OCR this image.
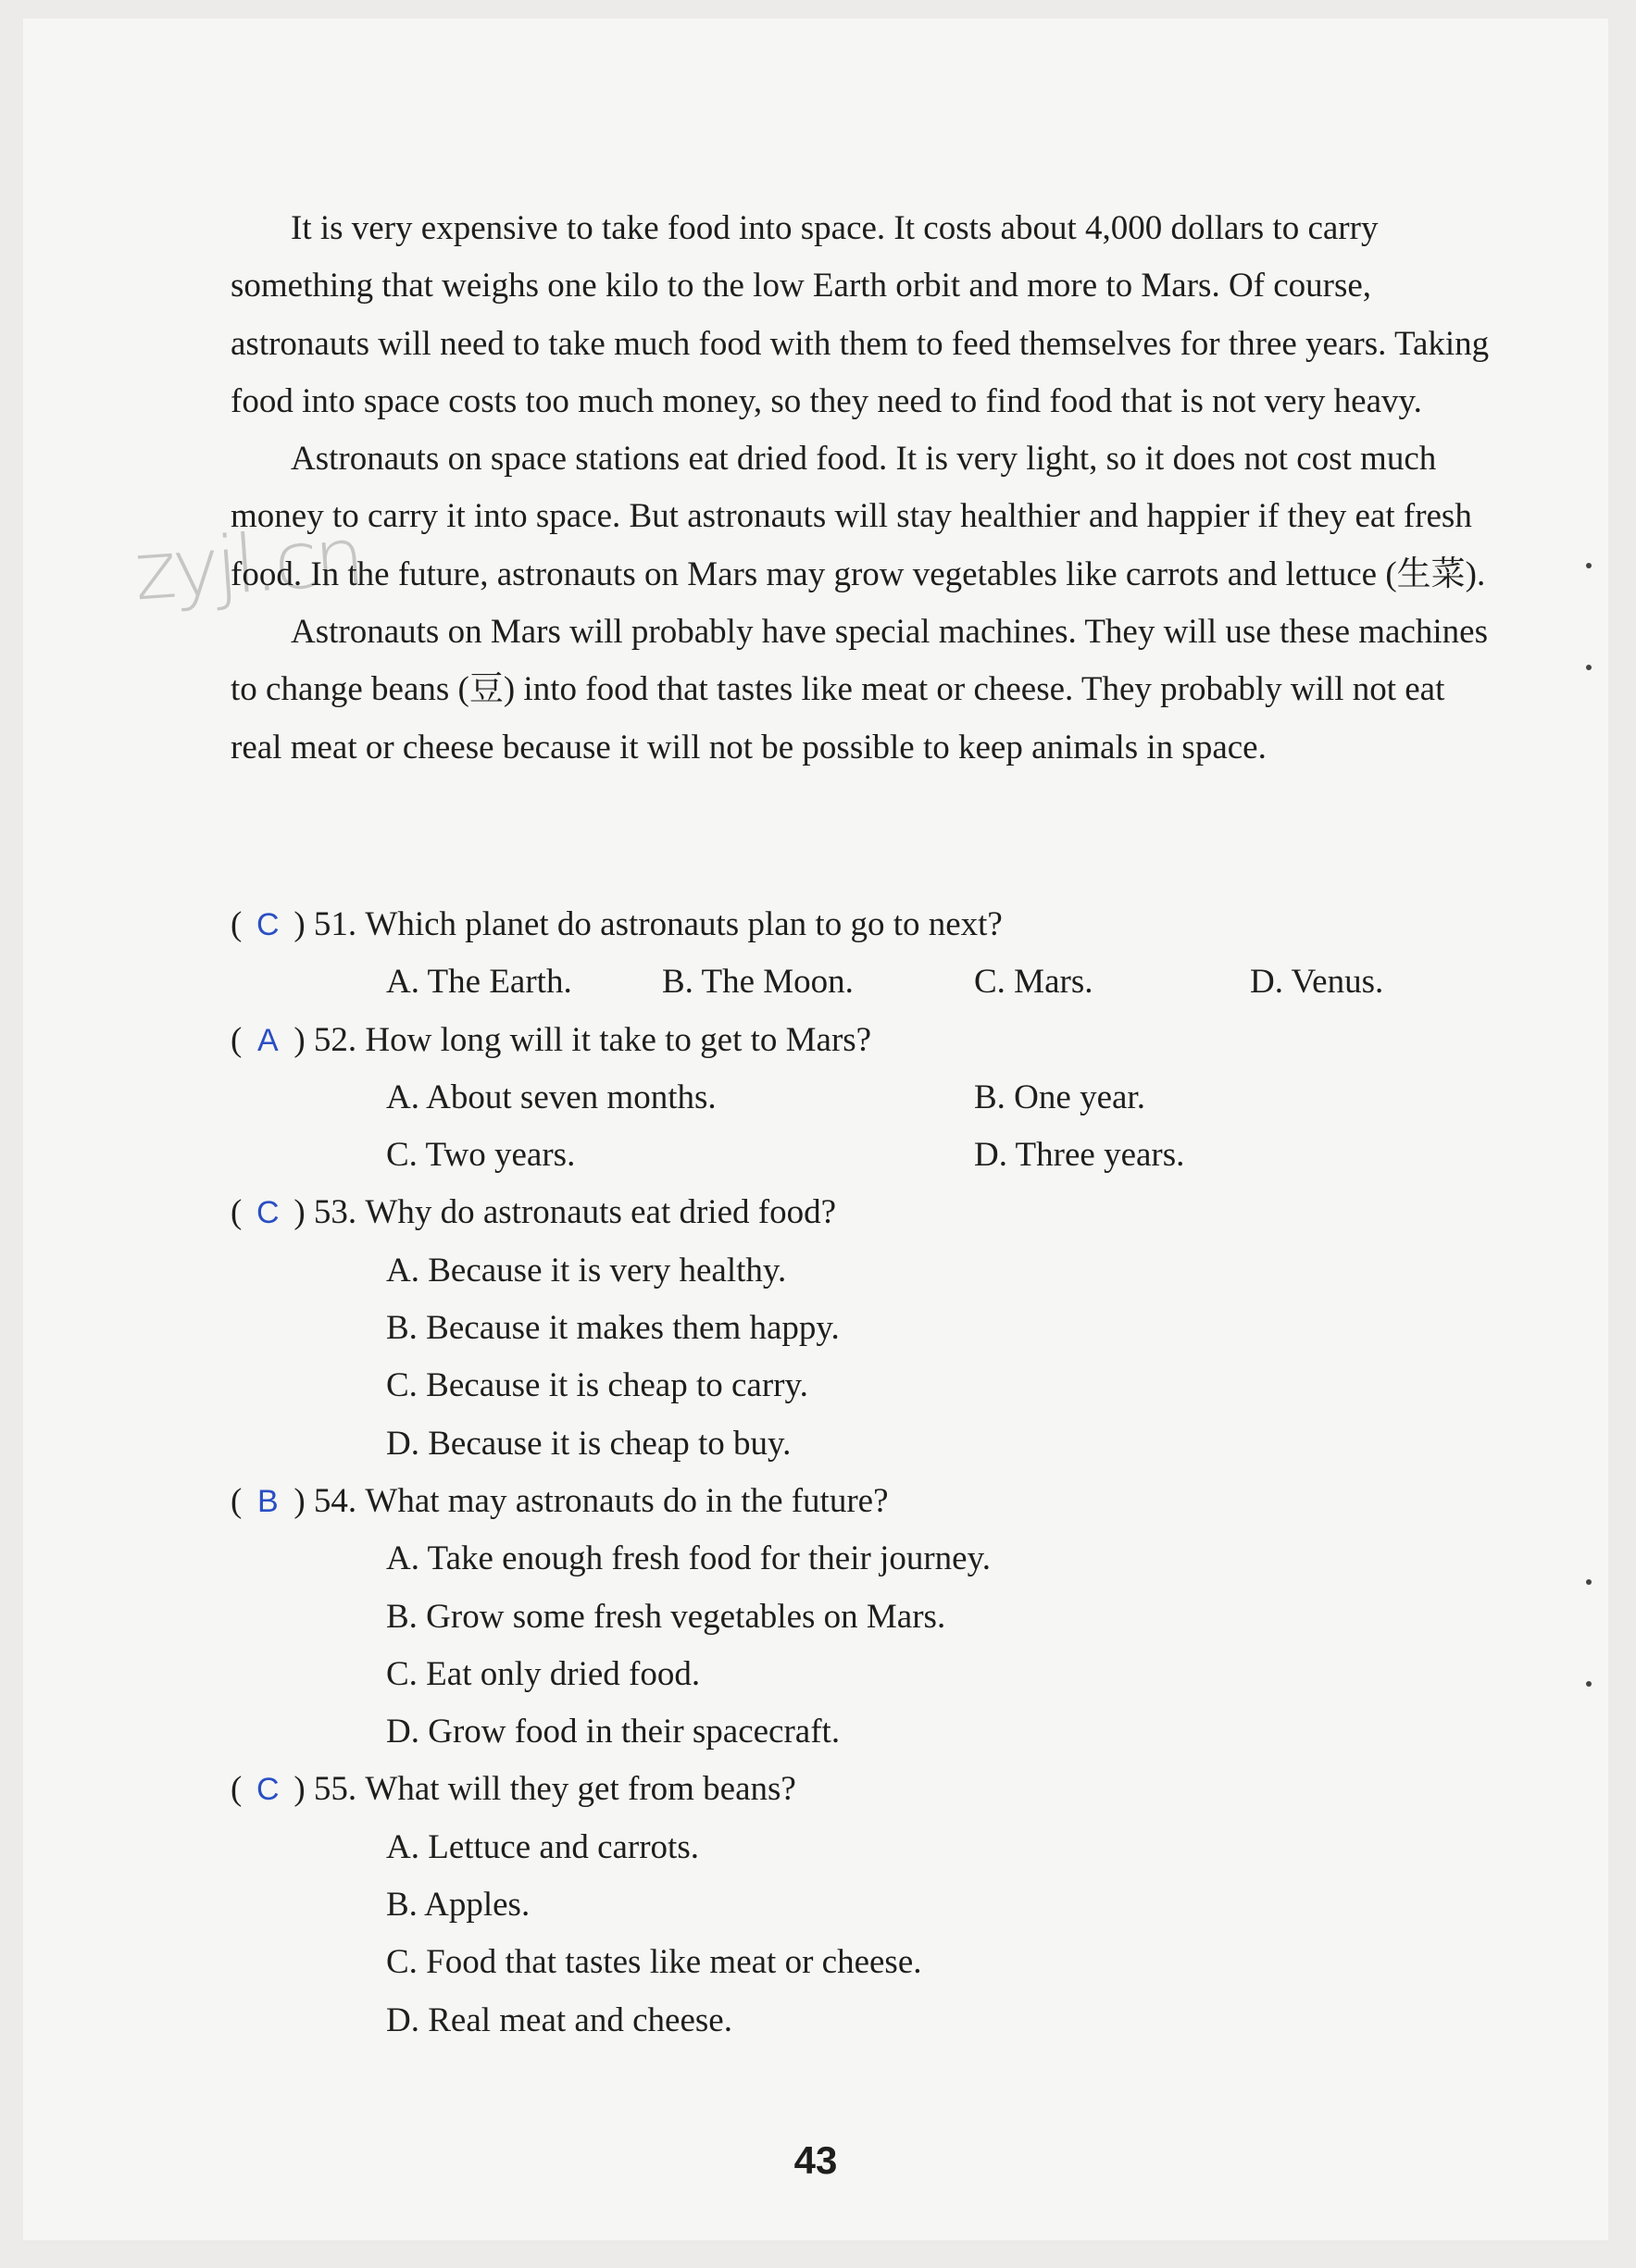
zyjl.cn

It is very expensive to take food into space. It costs about 4,000 dollars to carry something that weighs one kilo to the low Earth orbit and more to Mars. Of course, astronauts will need to take much food with them to feed themselves for three years. Taking food into space costs too much money, so they need to find food that is not very heavy.

Astronauts on space stations eat dried food. It is very light, so it does not cost much money to carry it into space. But astronauts will stay healthier and happier if they eat fresh food. In the future, astronauts on Mars may grow vegetables like carrots and lettuce (生菜).

Astronauts on Mars will probably have special machines. They will use these machines to change beans (豆) into food that tastes like meat or cheese. They probably will not eat real meat or cheese because it will not be possible to keep animals in space.

( C ) 51.
Which planet do astronauts plan to go to next?
A. The Earth.	B. The Moon.	C. Mars.	D. Venus.
( A ) 52.
How long will it take to get to Mars?
A. About seven months.	B. One year.
C. Two years.	D. Three years.
( C ) 53.
Why do astronauts eat dried food?
A. Because it is very healthy.
B. Because it makes them happy.
C. Because it is cheap to carry.
D. Because it is cheap to buy.
( B ) 54.
What may astronauts do in the future?
A. Take enough fresh food for their journey.
B. Grow some fresh vegetables on Mars.
C. Eat only dried food.
D. Grow food in their spacecraft.
( C ) 55.
What will they get from beans?
A. Lettuce and carrots.
B. Apples.
C. Food that tastes like meat or cheese.
D. Real meat and cheese.
43
